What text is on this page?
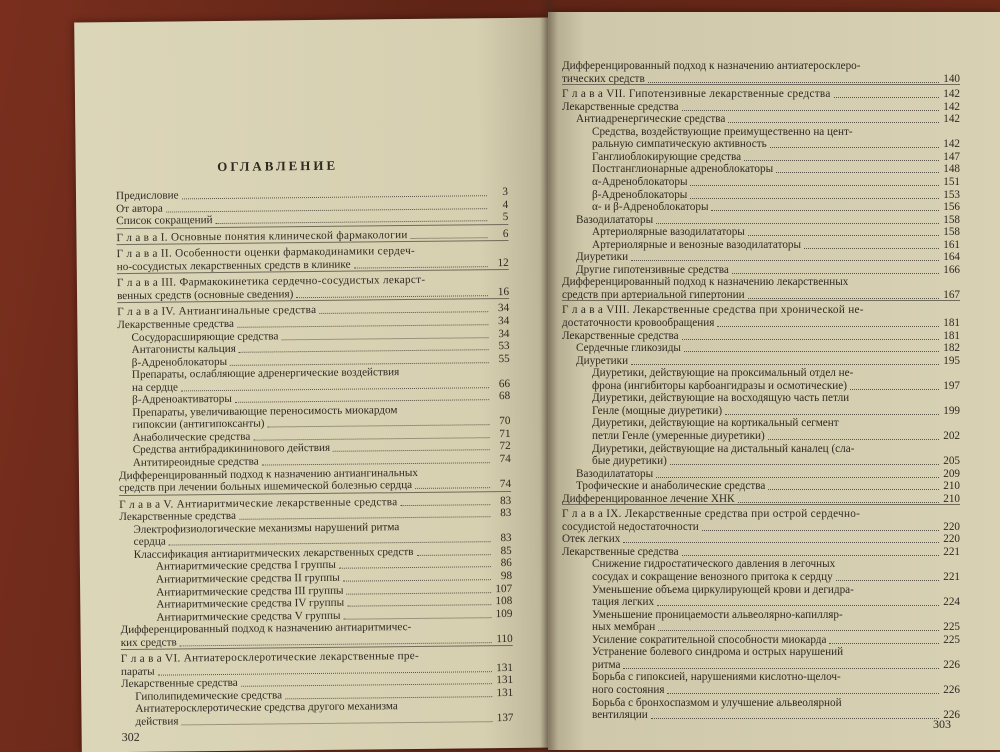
ОГЛАВЛЕНИЕ
Предисловие	3
От автора	4
Список сокращений	5
Г л а в а I. Основные понятия клинической фармакологии	6
Г л а в а II. Особенности оценки фармакодинамики сердеч-
но-сосудистых лекарственных средств в клинике	12
Г л а в а III. Фармакокинетика сердечно-сосудистых лекарст-
венных средств (основные сведения)	16
Г л а в а IV. Антиангинальные средства	34
Лекарственные средства	34
Сосудорасширяющие средства	34
Антагонисты кальция	53
β-Адреноблокаторы	55
Препараты, ослабляющие адренергические воздействия
на сердце	66
β-Адреноактиваторы	68
Препараты, увеличивающие переносимость миокардом
гипоксии (антигипоксанты)	70
Анаболические средства	71
Средства антибрадикининового действия	72
Антитиреоидные средства	74
Дифференцированный подход к назначению антиангинальных
средств при лечении больных ишемической болезнью сердца	74
Г л а в а V. Антиаритмические лекарственные средства	83
Лекарственные средства	83
Электрофизиологические механизмы нарушений ритма
сердца	83
Классификация антиаритмических лекарственных средств	85
Антиаритмические средства I группы	86
Антиаритмические средства II группы	98
Антиаритмические средства III группы	107
Антиаритмические средства IV группы	108
Антиаритмические средства V группы	109
Дифференцированный подход к назначению антиаритмичес-
ких средств	110
Г л а в а VI. Антиатеросклеротические лекарственные пре-
параты	131
Лекарственные средства	131
Гиполипидемические средства	131
Антиатеросклеротические средства другого механизма
действия	137
302
Дифференцированный подход к назначению антиатеросклеро-
тических средств	140
Г л а в а VII. Гипотензивные лекарственные средства	142
Лекарственные средства	142
Антиадренергические средства	142
Средства, воздействующие преимущественно на цент-
ральную симпатическую активность	142
Ганглиоблокирующие средства	147
Постганглионарные адреноблокаторы	148
α-Адреноблокаторы	151
β-Адреноблокаторы	153
α- и β-Адреноблокаторы	156
Вазодилататоры	158
Артериолярные вазодилататоры	158
Артериолярные и венозные вазодилататоры	161
Диуретики	164
Другие гипотензивные средства	166
Дифференцированный подход к назначению лекарственных
средств при артериальной гипертонии	167
Г л а в а VIII. Лекарственные средства при хронической не-
достаточности кровообращения	181
Лекарственные средства	181
Сердечные гликозиды	182
Диуретики	195
Диуретики, действующие на проксимальный отдел не-
фрона (ингибиторы карбоангидразы и осмотические)	197
Диуретики, действующие на восходящую часть петли
Генле (мощные диуретики)	199
Диуретики, действующие на кортикальный сегмент
петли Генле (умеренные диуретики)	202
Диуретики, действующие на дистальный каналец (сла-
бые диуретики)	205
Вазодилататоры	209
Трофические и анаболические средства	210
Дифференцированное лечение ХНК	210
Г л а в а IX. Лекарственные средства при острой сердечно-
сосудистой недостаточности	220
Отек легких	220
Лекарственные средства	221
Снижение гидростатического давления в легочных
сосудах и сокращение венозного притока к сердцу	221
Уменьшение объема циркулирующей крови и дегидра-
тация легких	224
Уменьшение проницаемости альвеолярно-капилляр-
ных мембран	225
Усиление сократительной способности миокарда	225
Устранение болевого синдрома и острых нарушений
ритма	226
Борьба с гипоксией, нарушениями кислотно-щелоч-
ного состояния	226
Борьба с бронхоспазмом и улучшение альвеолярной
вентиляции	226
303
